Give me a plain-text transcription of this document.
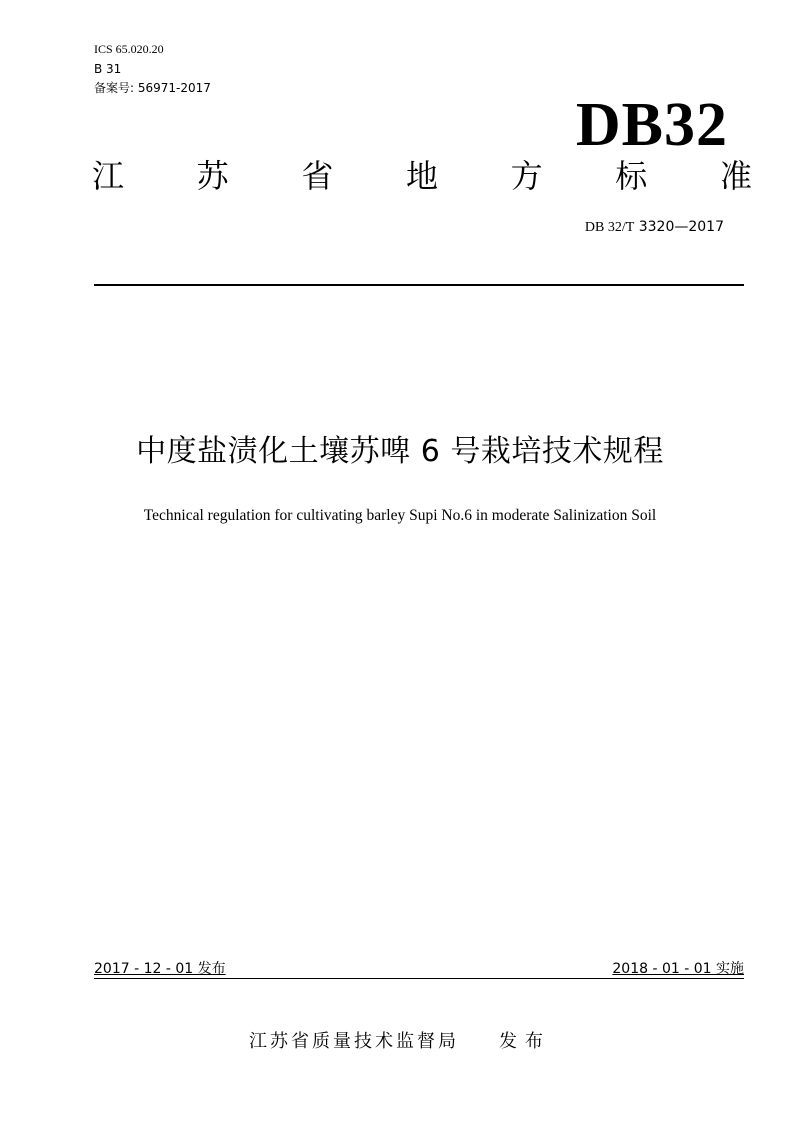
ICS 65.020.20
B 31
备案号: 56971-2017
DB32
江 苏 省 地 方 标 准
DB 32/T 3320—2017
中度盐渍化土壤苏啤 6 号栽培技术规程
Technical regulation for cultivating barley Supi No.6 in moderate Salinization Soil
2017 - 12 - 01 发布	2018 - 01 - 01 实施
江苏省质量技术监督局 发布
